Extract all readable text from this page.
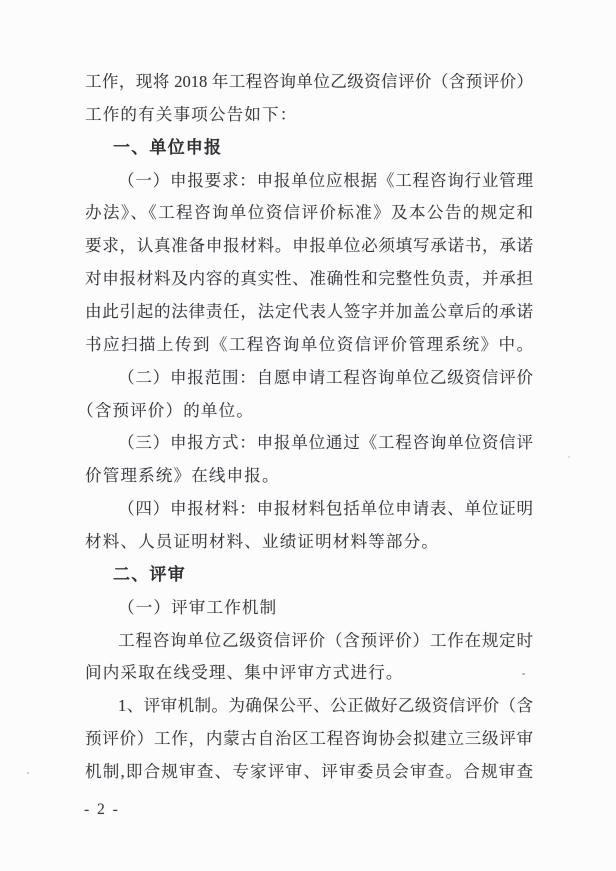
工作，现将 2018 年工程咨询单位乙级资信评价（含预评价）
工作的有关事项公告如下：
一、单位申报
（一）申报要求：申报单位应根据《工程咨询行业管理
办法》、《工程咨询单位资信评价标准》及本公告的规定和
要求，认真准备申报材料。申报单位必须填写承诺书，承诺
对申报材料及内容的真实性、准确性和完整性负责，并承担
由此引起的法律责任，法定代表人签字并加盖公章后的承诺
书应扫描上传到《工程咨询单位资信评价管理系统》中。
（二）申报范围：自愿申请工程咨询单位乙级资信评价
（含预评价）的单位。
（三）申报方式：申报单位通过《工程咨询单位资信评
价管理系统》在线申报。
（四）申报材料：申报材料包括单位申请表、单位证明
材料、人员证明材料、业绩证明材料等部分。
二、评审
（一）评审工作机制
工程咨询单位乙级资信评价（含预评价）工作在规定时
间内采取在线受理、集中评审方式进行。
1、评审机制。为确保公平、公正做好乙级资信评价（含
预评价）工作，内蒙古自治区工程咨询协会拟建立三级评审
机制,即合规审查、专家评审、评审委员会审查。合规审查
- 2 -
